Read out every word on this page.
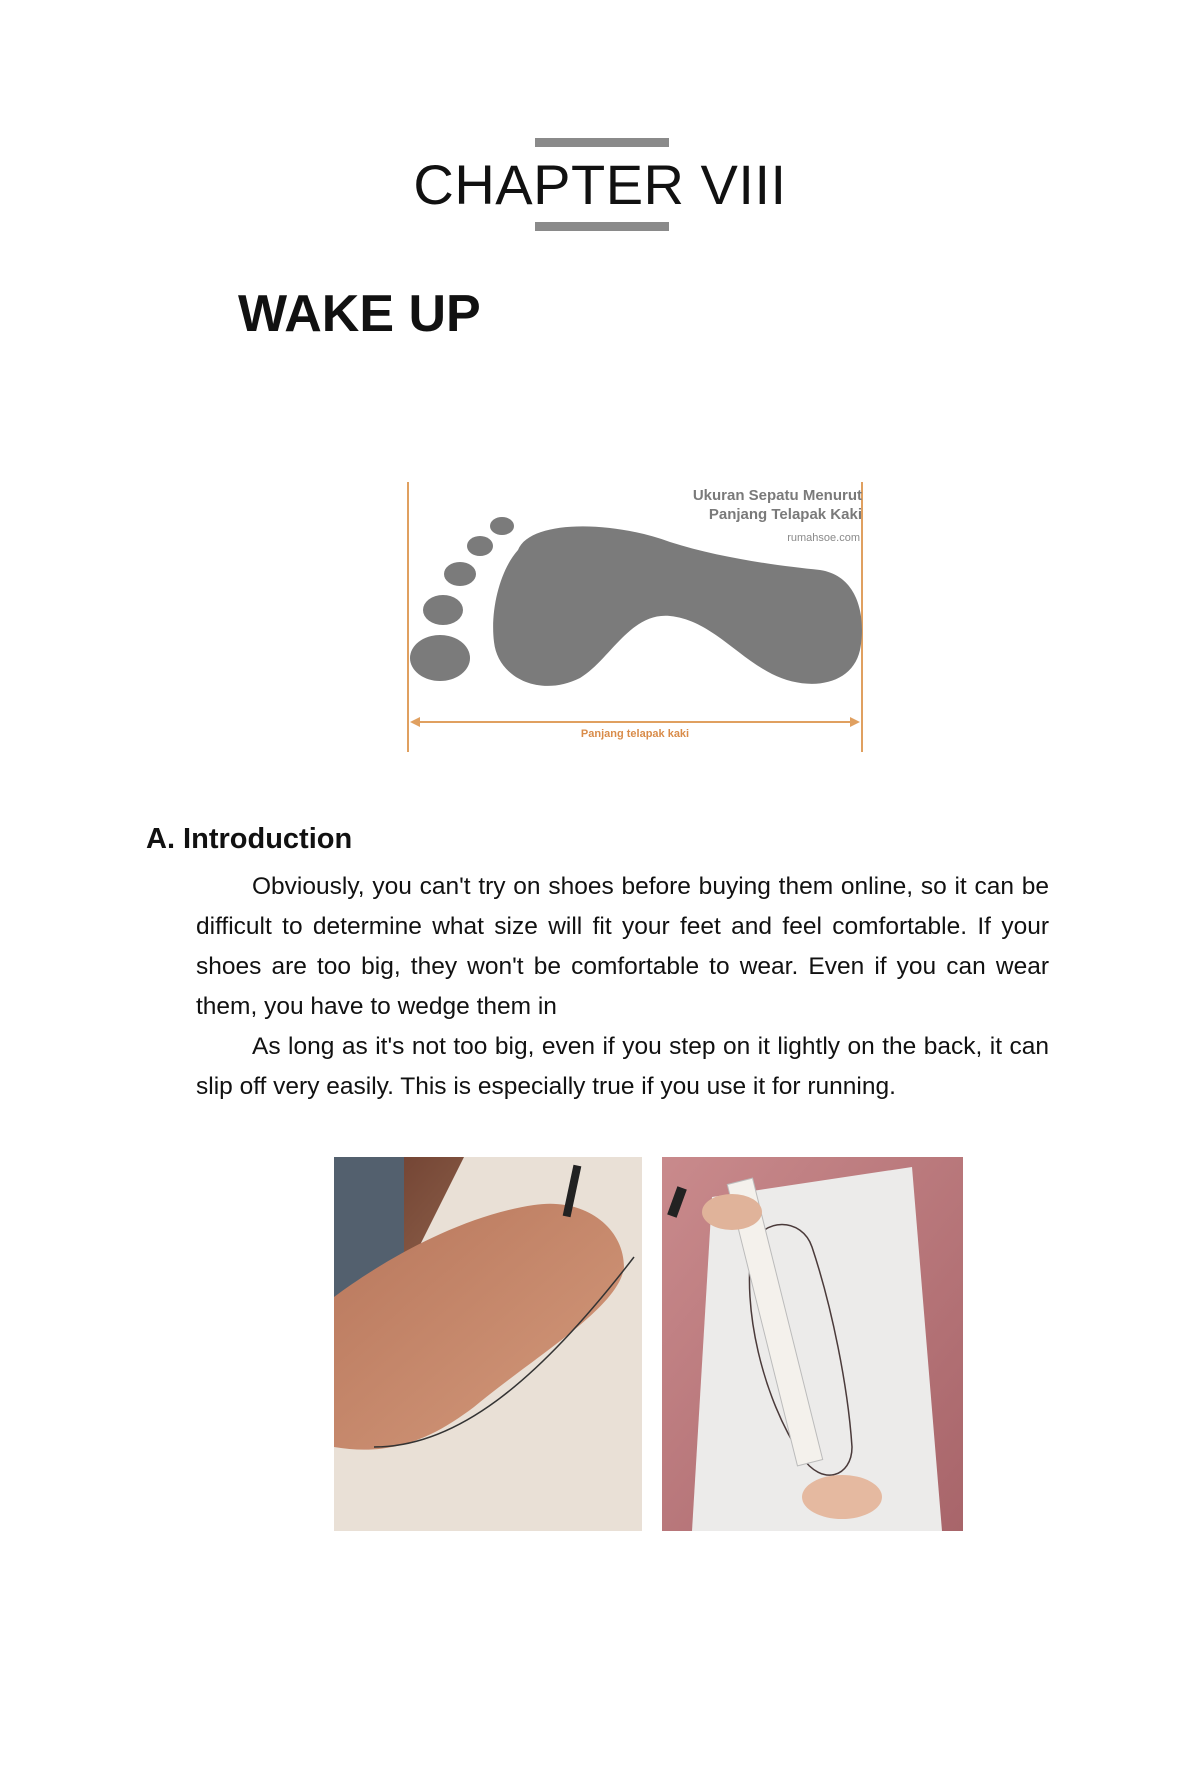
CHAPTER VIII
WAKE UP
Ukuran Sepatu Menurut
Panjang Telapak Kaki
rumahsoe.com
Panjang telapak kaki
A. Introduction

Obviously, you can't try on shoes before buying them online, so it can be difficult to determine what size will fit your feet and feel comfortable. If your shoes are too big, they won't be comfortable to wear. Even if you can wear them, you have to wedge them in

As long as it's not too big, even if you step on it lightly on the back, it can slip off very easily. This is especially true if you use it for running.
